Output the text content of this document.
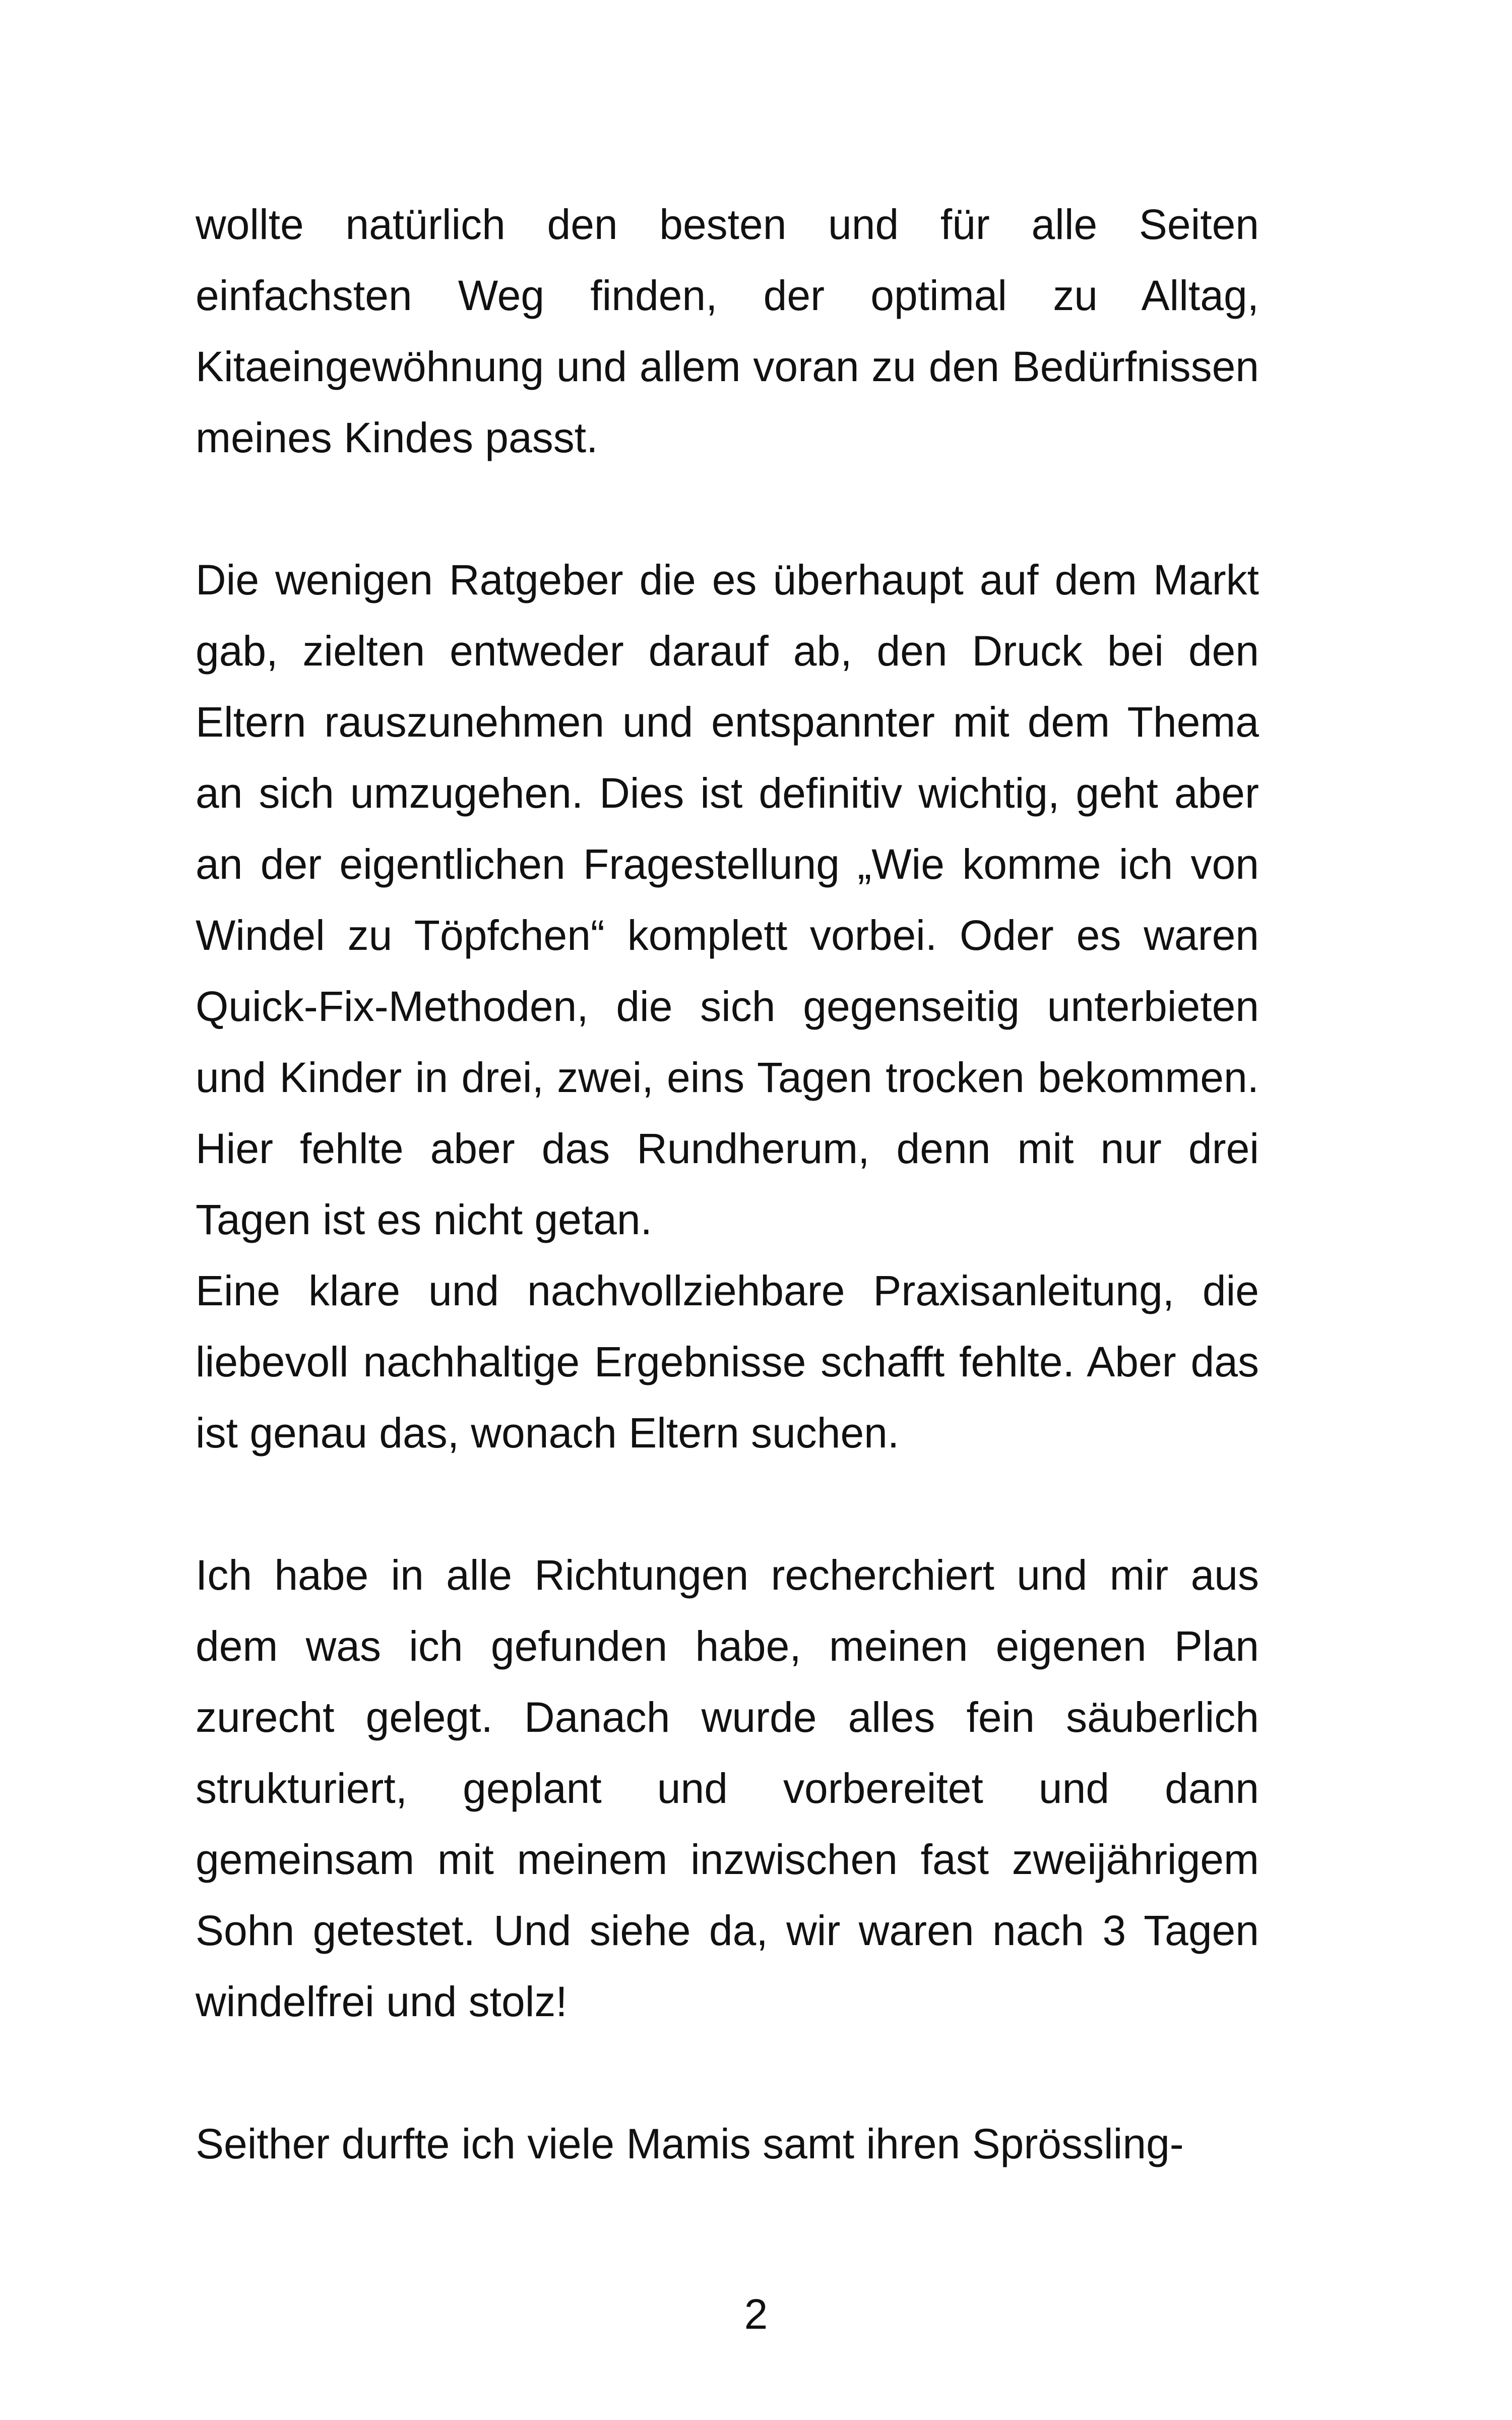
wollte natürlich den besten und für alle Seiten einfachsten Weg finden, der optimal zu Alltag, Kitaeingewöhnung und allem voran zu den Bedürfnissen meines Kindes passt.

Die wenigen Ratgeber die es überhaupt auf dem Markt gab, zielten entweder darauf ab, den Druck bei den Eltern rauszunehmen und entspannter mit dem Thema an sich umzugehen. Dies ist definitiv wichtig, geht aber an der eigentlichen Fragestellung „Wie komme ich von Windel zu Töpfchen“ komplett vorbei. Oder es waren Quick-Fix-Methoden, die sich gegenseitig unterbieten und Kinder in drei, zwei, eins Tagen trocken bekommen. Hier fehlte aber das Rundherum, denn mit nur drei Tagen ist es nicht getan.

Eine klare und nachvollziehbare Praxisanleitung, die liebevoll nachhaltige Ergebnisse schafft fehlte. Aber das ist genau das, wonach Eltern suchen.

Ich habe in alle Richtungen recherchiert und mir aus dem was ich gefunden habe, meinen eigenen Plan zurecht gelegt. Danach wurde alles fein säuberlich strukturiert, geplant und vorbereitet und dann gemeinsam mit meinem inzwischen fast zweijährigem Sohn getestet. Und siehe da, wir waren nach 3 Tagen windelfrei und stolz!

Seither durfte ich viele Mamis samt ihren Sprössling-

2
